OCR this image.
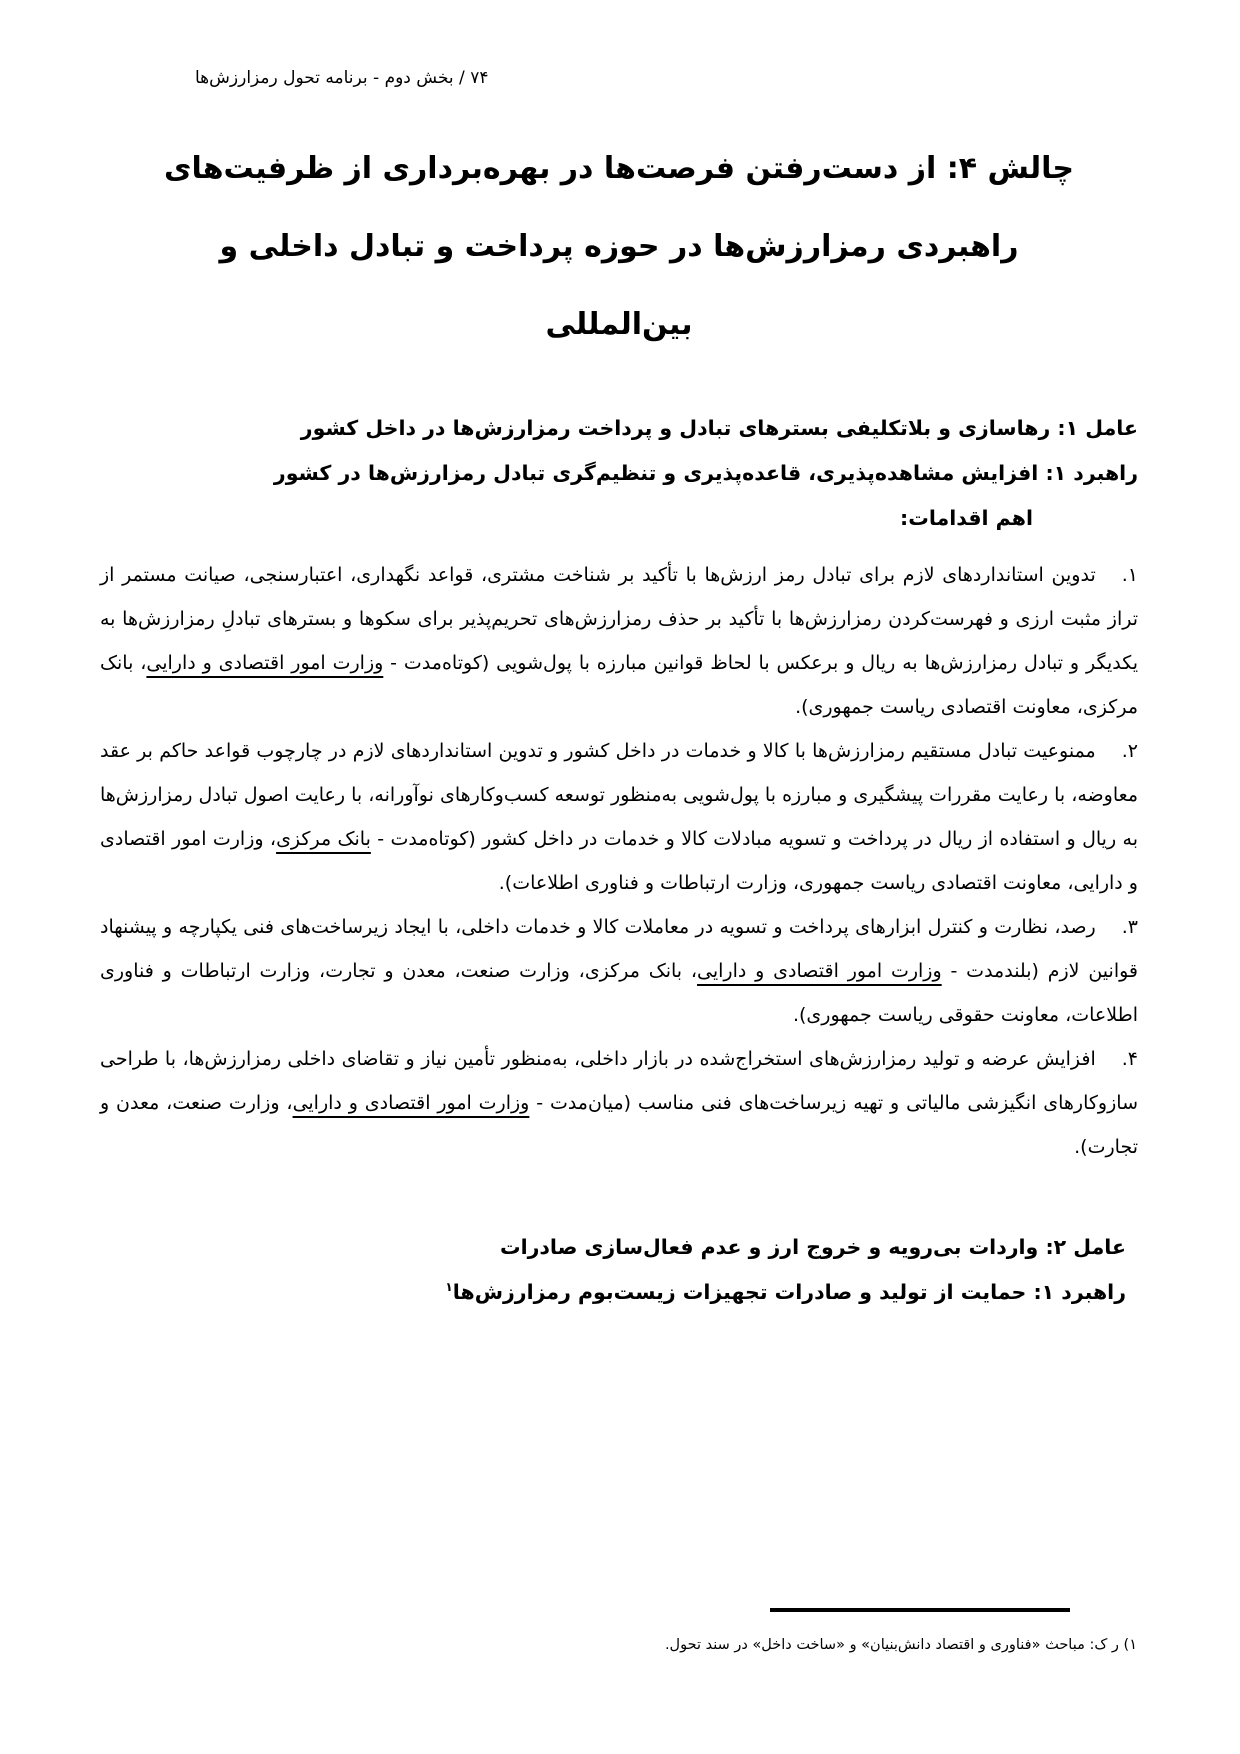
۷۴ / بخش دوم - برنامه تحول رمزارزش‌ها
چالش ۴: از دست‌رفتن فرصت‌ها در بهره‌برداری از ظرفیت‌های
راهبردی رمزارزش‌ها در حوزه پرداخت و تبادل داخلی و
بین‌المللی
عامل ۱: رهاسازی و بلاتکلیفی بسترهای تبادل و پرداخت رمزارزش‌ها در داخل کشور
راهبرد ۱: افزایش مشاهده‌پذیری، قاعده‌پذیری و تنظیم‌گری تبادل رمزارزش‌ها در کشور
اهم اقدامات:
۱.تدوین استانداردهای لازم برای تبادل رمز ارزش‌ها با تأکید بر شناخت مشتری، قواعد نگهداری، اعتبارسنجی، صیانت مستمر از تراز مثبت ارزی و فهرست‌کردن رمزارزش‌ها با تأکید بر حذف رمزارزش‌های تحریم‌پذیر برای سکوها و بسترهای تبادلِ رمزارزش‌ها به یکدیگر و تبادل رمزارزش‌ها به ریال و برعکس با لحاظ قوانین مبارزه با پول‌شویی (کوتاه‌مدت - وزارت امور اقتصادی و دارایی، بانک مرکزی، معاونت اقتصادی ریاست جمهوری).
۲.ممنوعیت تبادل مستقیم رمزارزش‌ها با کالا و خدمات در داخل کشور و تدوین استانداردهای لازم در چارچوب قواعد حاکم بر عقد معاوضه، با رعایت مقررات پیشگیری و مبارزه با پول‌شویی به‌منظور توسعه کسب‌وکارهای نوآورانه، با رعایت اصول تبادل رمزارزش‌ها به ریال و استفاده از ریال در پرداخت و تسویه مبادلات کالا و خدمات در داخل کشور (کوتاه‌مدت - بانک مرکزی، وزارت امور اقتصادی و دارایی، معاونت اقتصادی ریاست جمهوری، وزارت ارتباطات و فناوری اطلاعات).
۳.رصد، نظارت و کنترل ابزارهای پرداخت و تسویه در معاملات کالا و خدمات داخلی، با ایجاد زیرساخت‌های فنی یکپارچه و پیشنهاد قوانین لازم (بلندمدت - وزارت امور اقتصادی و دارایی، بانک مرکزی، وزارت صنعت، معدن و تجارت، وزارت ارتباطات و فناوری اطلاعات، معاونت حقوقی ریاست جمهوری).
۴.افزایش عرضه و تولید رمزارزش‌های استخراج‌شده در بازار داخلی، به‌منظور تأمین نیاز و تقاضای داخلی رمزارزش‌ها، با طراحی سازوکارهای انگیزشی مالیاتی و تهیه زیرساخت‌های فنی مناسب (میان‌مدت - وزارت امور اقتصادی و دارایی، وزارت صنعت، معدن و تجارت).
عامل ۲: واردات بی‌رویه و خروج ارز و عدم فعال‌سازی صادرات
راهبرد ۱: حمایت از تولید و صادرات تجهیزات زیست‌بوم رمزارزش‌ها$^۱$
۱) ر ک: مباحث «فناوری و اقتصاد دانش‌بنیان» و «ساخت داخل» در سند تحول.
